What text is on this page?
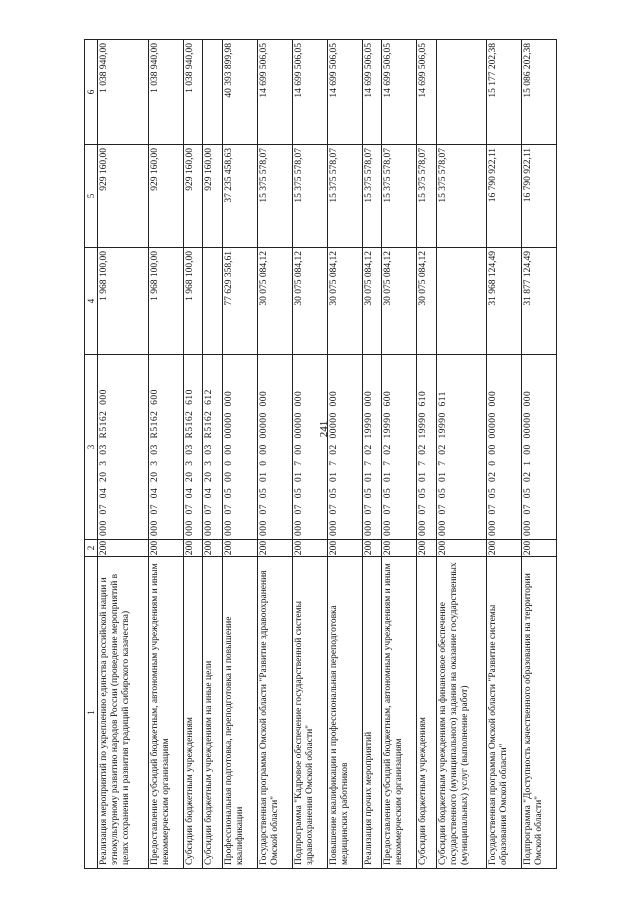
241
1	2	3	4	5	6
Реализация мероприятий по укреплению единства российской нации и этнокультурному развитию народов России (проведение мероприятий в целях сохранения и развития традиций сибирского казачества)	200	000  07  04  20  3  03  R5162  000	1 968 100,00	929 160,00	1 038 940,00

Предоставление субсидий бюджетным, автономным учреждениям и иным некоммерческим организациям	200	000  07  04  20  3  03  R5162  600	1 968 100,00	929 160,00	1 038 940,00

Субсидии бюджетным учреждениям	200	000  07  04  20  3  03  R5162  610	1 968 100,00	929 160,00	1 038 940,00

Субсидии бюджетным учреждениям на иные цели	200	000  07  04  20  3  03  R5162  612		929 160,00	

Профессиональная подготовка, переподготовка и повышение квалификации	200	000  07  05  00  0  00  00000  000	77 629 358,61	37 235 458,63	40 393 899,98

Государственная программа Омской области "Развитие здравоохранения Омской области"	200	000  07  05  01  0  00  00000  000	30 075 084,12	15 375 578,07	14 699 506,05

Подпрограмма "Кадровое обеспечение государственной системы здравоохранения Омской области"	200	000  07  05  01  7  00  00000  000	30 075 084,12	15 375 578,07	14 699 506,05

Повышение квалификации и профессиональная переподготовка медицинских работников	200	000  07  05  01  7  02  00000  000	30 075 084,12	15 375 578,07	14 699 506,05

Реализация прочих мероприятий	200	000  07  05  01  7  02  19990  000	30 075 084,12	15 375 578,07	14 699 506,05

Предоставление субсидий бюджетным, автономным учреждениям и иным некоммерческим организациям	200	000  07  05  01  7  02  19990  600	30 075 084,12	15 375 578,07	14 699 506,05

Субсидии бюджетным учреждениям	200	000  07  05  01  7  02  19990  610	30 075 084,12	15 375 578,07	14 699 506,05

Субсидии бюджетным учреждениям на финансовое обеспечение государственного (муниципального) задания на оказание государственных (муниципальных) услуг (выполнение работ)	200	000  07  05  01  7  02  19990  611		15 375 578,07	

Государственная программа Омской области "Развитие системы образования Омской области"	200	000  07  05  02  0  00  00000  000	31 968 124,49	16 790 922,11	15 177 202,38

Подпрограмма "Доступность качественного образования на территории Омской области"	200	000  07  05  02  1  00  00000  000	31 877 124,49	16 790 922,11	15 086 202,38
